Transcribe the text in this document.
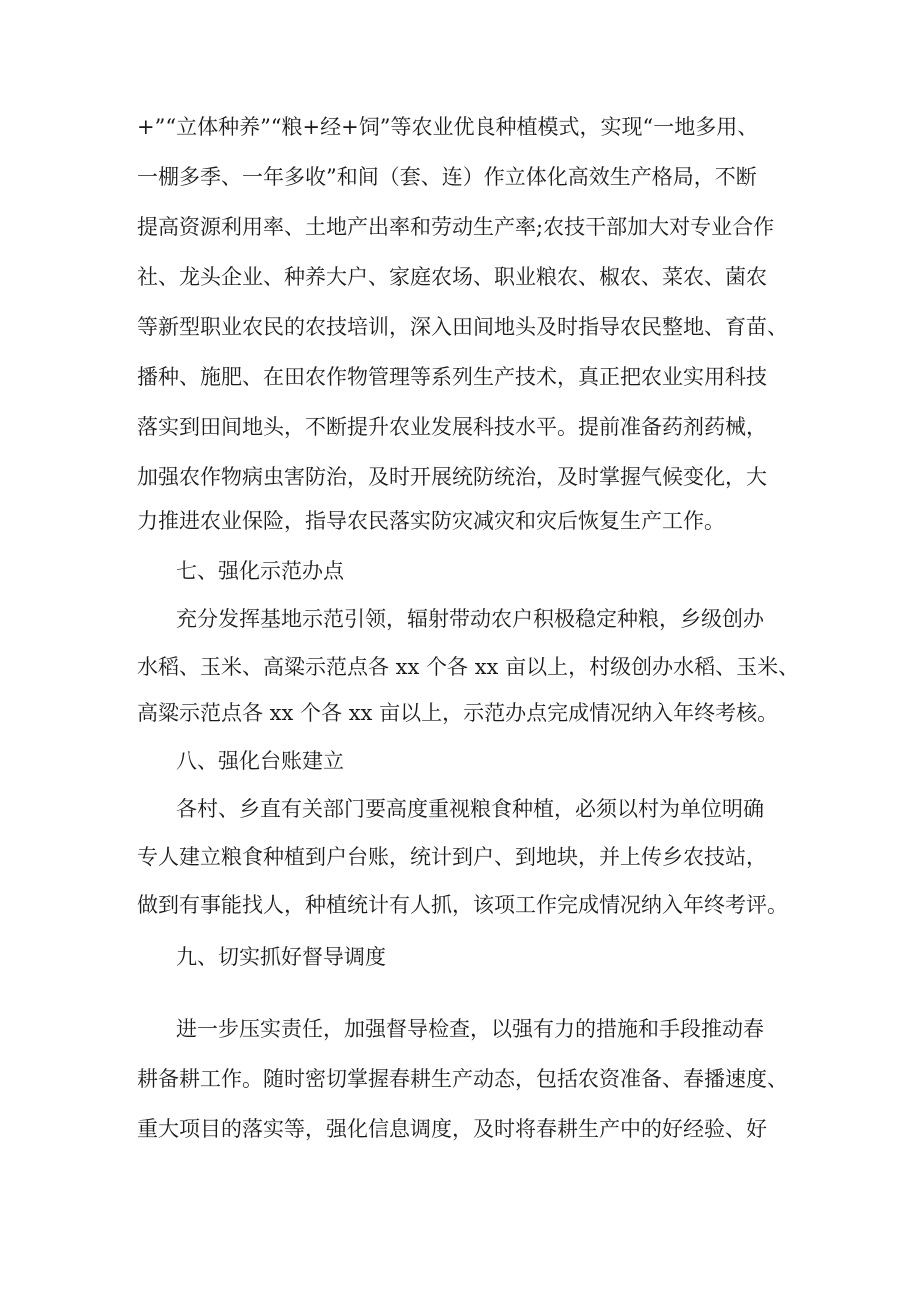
+”“立体种养”“粮+经+饲”等农业优良种植模式，实现“一地多用、
一棚多季、一年多收”和间（套、连）作立体化高效生产格局，不断
提高资源利用率、土地产出率和劳动生产率;农技干部加大对专业合作
社、龙头企业、种养大户、家庭农场、职业粮农、椒农、菜农、菌农
等新型职业农民的农技培训，深入田间地头及时指导农民整地、育苗、
播种、施肥、在田农作物管理等系列生产技术，真正把农业实用科技
落实到田间地头，不断提升农业发展科技水平。提前准备药剂药械，
加强农作物病虫害防治，及时开展统防统治，及时掌握气候变化，大
力推进农业保险，指导农民落实防灾减灾和灾后恢复生产工作。
七、强化示范办点
充分发挥基地示范引领，辐射带动农户积极稳定种粮，乡级创办
水稻、玉米、高粱示范点各 xx 个各 xx 亩以上，村级创办水稻、玉米、
高粱示范点各 xx 个各 xx 亩以上，示范办点完成情况纳入年终考核。
八、强化台账建立
各村、乡直有关部门要高度重视粮食种植，必须以村为单位明确
专人建立粮食种植到户台账，统计到户、到地块，并上传乡农技站，
做到有事能找人，种植统计有人抓，该项工作完成情况纳入年终考评。
九、切实抓好督导调度
进一步压实责任，加强督导检查，以强有力的措施和手段推动春
耕备耕工作。随时密切掌握春耕生产动态，包括农资准备、春播速度、
重大项目的落实等，强化信息调度，及时将春耕生产中的好经验、好
